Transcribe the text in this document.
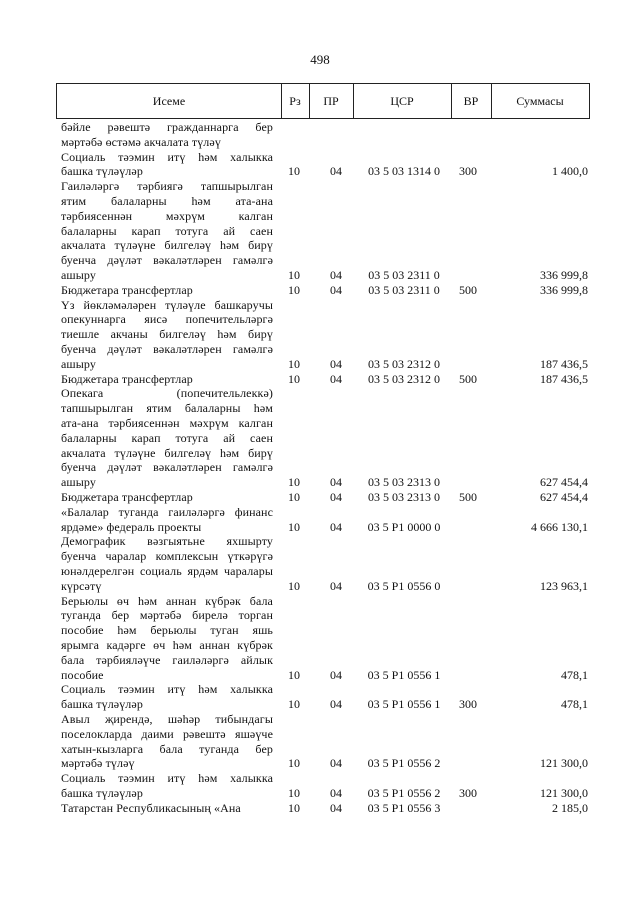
498
Исеме	Рз	ПР	ЦСР	ВР	Суммасы
бәйле рәвештә гражданнарга бер
мәртәбә өстәмә акчалата түләү
Социаль тәэмин итү һәм халыкка
башка түләүләр	10	04	03 5 03 1314 0	300	1 400,0
Гаиләләргә тәрбиягә тапшырылган
ятим балаларны һәм ата-ана
тәрбиясеннән мәхрүм калган
балаларны карап тотуга ай саен
акчалата түләүне билгеләү һәм бирү
буенча дәүләт вәкаләтләрен гамәлгә
ашыру	10	04	03 5 03 2311 0	336 999,8
Бюджетара трансфертлар	10	04	03 5 03 2311 0	500	336 999,8
Үз йөкләмәләрен түләүле башкаручы
опекуннарга яисә попечительләргә
тиешле акчаны билгеләү һәм бирү
буенча дәүләт вәкаләтләрен гамәлгә
ашыру	10	04	03 5 03 2312 0	187 436,5
Бюджетара трансфертлар	10	04	03 5 03 2312 0	500	187 436,5
Опекага (попечительлеккә)
тапшырылган ятим балаларны һәм
ата-ана тәрбиясеннән мәхрүм калган
балаларны карап тотуга ай саен
акчалата түләүне билгеләү һәм бирү
буенча дәүләт вәкаләтләрен гамәлгә
ашыру	10	04	03 5 03 2313 0	627 454,4
Бюджетара трансфертлар	10	04	03 5 03 2313 0	500	627 454,4
«Балалар туганда гаиләләргә финанс
ярдәме» федераль проекты	10	04	03 5 P1 0000 0	4 666 130,1
Демографик вәзгыятьне яхшырту
буенча чаралар комплексын үткәрүгә
юнәлдерелгән социаль ярдәм чаралары
күрсәтү	10	04	03 5 P1 0556 0	123 963,1
Берьюлы өч һәм аннан күбрәк бала
туганда бер мәртәбә бирелә торган
пособие һәм берьюлы туган яшь
ярымга кадәрге өч һәм аннан күбрәк
бала тәрбияләүче гаиләләргә айлык
пособие	10	04	03 5 P1 0556 1	478,1
Социаль тәэмин итү һәм халыкка
башка түләүләр	10	04	03 5 P1 0556 1	300	478,1
Авыл җирендә, шәһәр тибындагы
поселокларда даими рәвештә яшәүче
хатын-кызларга бала туганда бер
мәртәбә түләү	10	04	03 5 P1 0556 2	121 300,0
Социаль тәэмин итү һәм халыкка
башка түләүләр	10	04	03 5 P1 0556 2	300	121 300,0
Татарстан Республикасының «Ана	10	04	03 5 P1 0556 3	2 185,0
